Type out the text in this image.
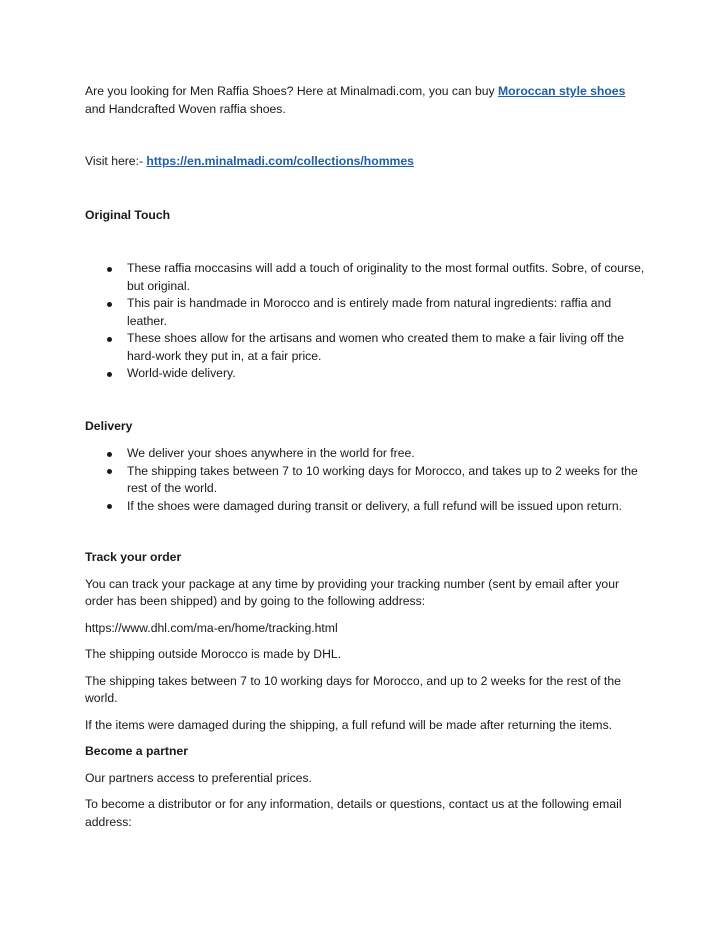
Are you looking for Men Raffia Shoes? Here at Minalmadi.com, you can buy Moroccan style shoes and Handcrafted Woven raffia shoes.

Visit here:- https://en.minalmadi.com/collections/hommes

Original Touch

These raffia moccasins will add a touch of originality to the most formal outfits. Sobre, of course, but original.
This pair is handmade in Morocco and is entirely made from natural ingredients: raffia and leather.
These shoes allow for the artisans and women who created them to make a fair living off the hard-work they put in, at a fair price.
World-wide delivery.

Delivery

We deliver your shoes anywhere in the world for free.
The shipping takes between 7 to 10 working days for Morocco, and takes up to 2 weeks for the rest of the world.
If the shoes were damaged during transit or delivery, a full refund will be issued upon return.

Track your order

You can track your package at any time by providing your tracking number (sent by email after your order has been shipped) and by going to the following address:

https://www.dhl.com/ma-en/home/tracking.html

The shipping outside Morocco is made by DHL.

The shipping takes between 7 to 10 working days for Morocco, and up to 2 weeks for the rest of the world.

If the items were damaged during the shipping, a full refund will be made after returning the items.

Become a partner

Our partners access to preferential prices.

To become a distributor or for any information, details or questions, contact us at the following email address:
